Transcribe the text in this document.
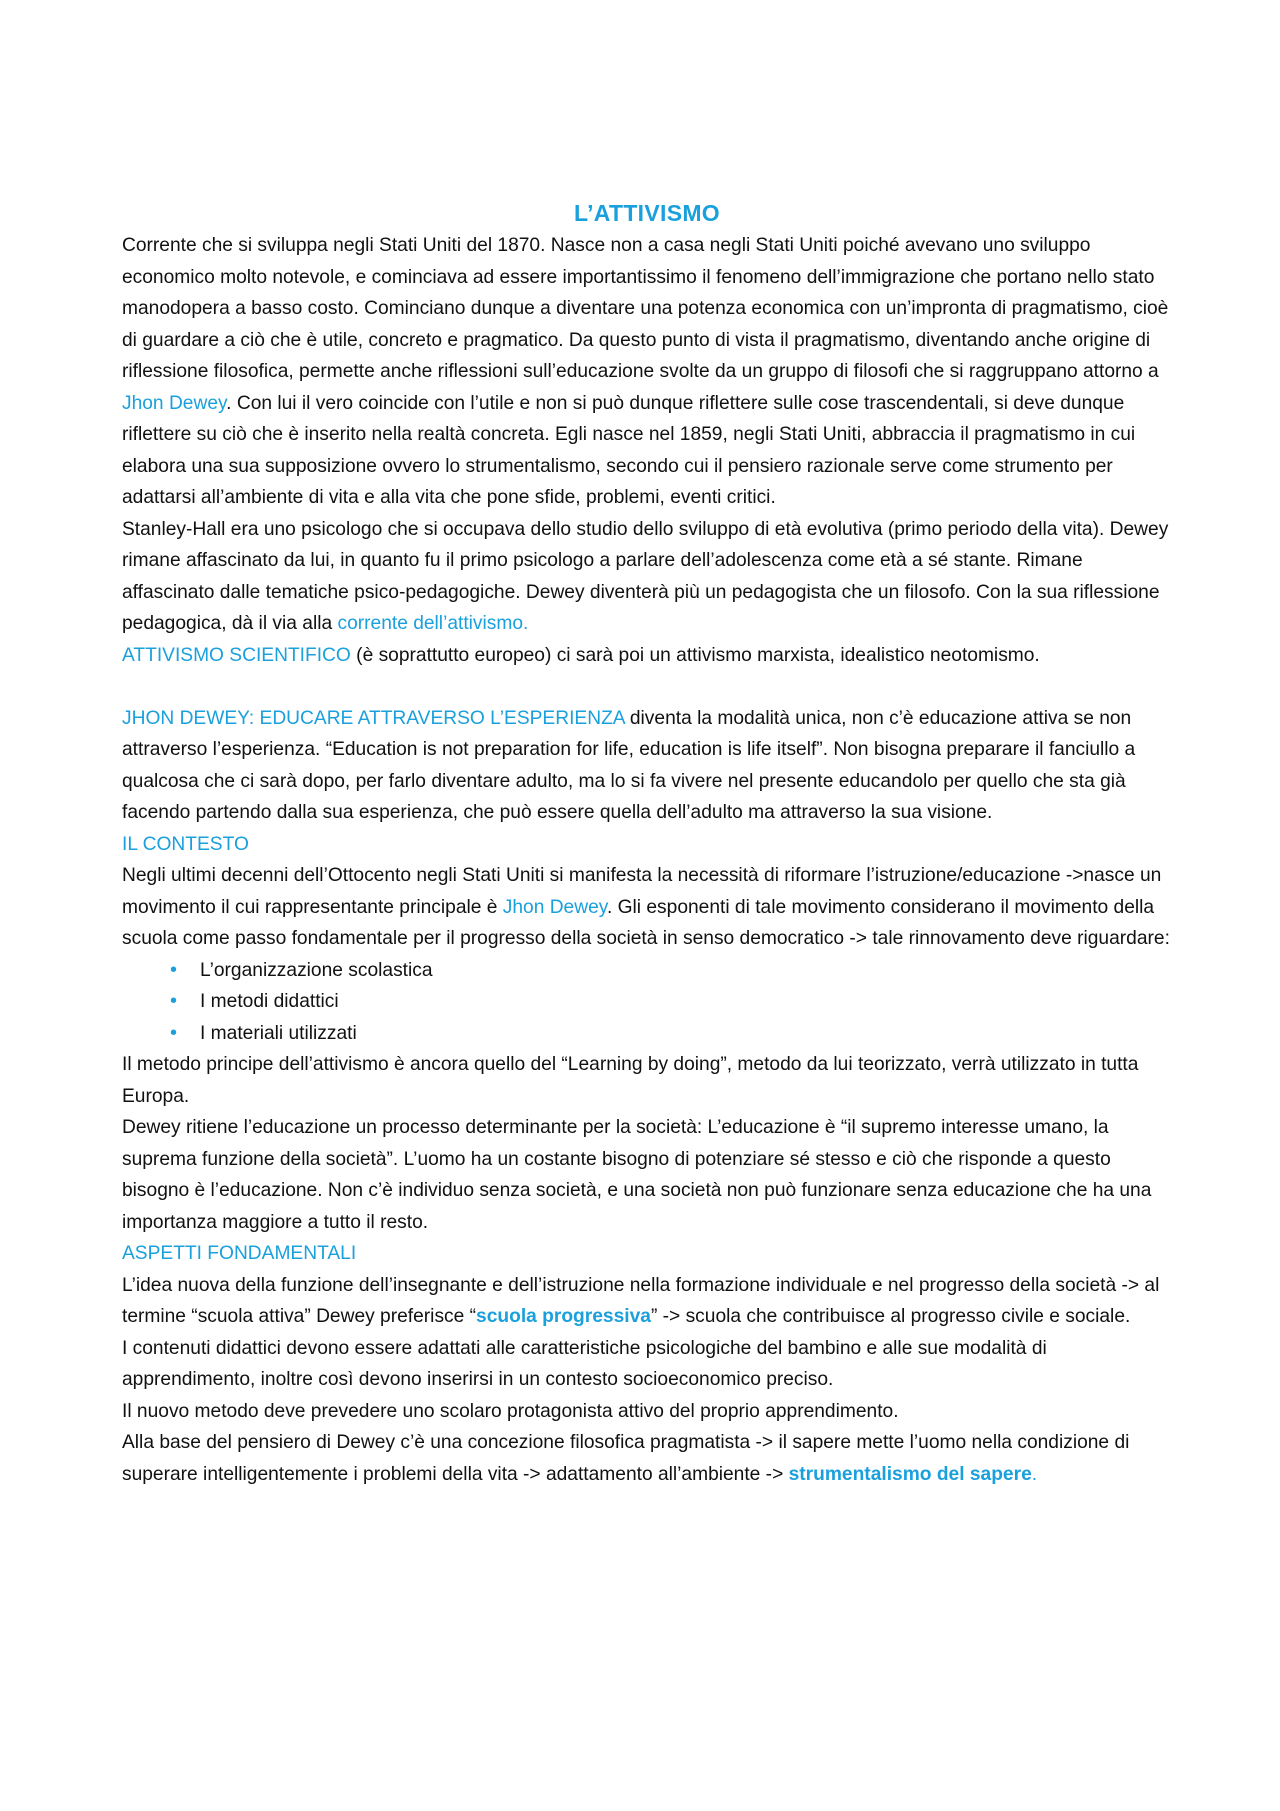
L’ATTIVISMO

Corrente che si sviluppa negli Stati Uniti del 1870. Nasce non a casa negli Stati Uniti poiché avevano uno sviluppo economico molto notevole, e cominciava ad essere importantissimo il fenomeno dell’immigrazione che portano nello stato manodopera a basso costo. Cominciano dunque a diventare una potenza economica con un’impronta di pragmatismo, cioè di guardare a ciò che è utile, concreto e pragmatico. Da questo punto di vista il pragmatismo, diventando anche origine di riflessione filosofica, permette anche riflessioni sull’educazione svolte da un gruppo di filosofi che si raggruppano attorno a Jhon Dewey. Con lui il vero coincide con l’utile e non si può dunque riflettere sulle cose trascendentali, si deve dunque riflettere su ciò che è inserito nella realtà concreta. Egli nasce nel 1859, negli Stati Uniti, abbraccia il pragmatismo in cui elabora una sua supposizione ovvero lo strumentalismo, secondo cui il pensiero razionale serve come strumento per adattarsi all’ambiente di vita e alla vita che pone sfide, problemi, eventi critici.

Stanley-Hall era uno psicologo che si occupava dello studio dello sviluppo di età evolutiva (primo periodo della vita). Dewey rimane affascinato da lui, in quanto fu il primo psicologo a parlare dell’adolescenza come età a sé stante. Rimane affascinato dalle tematiche psico-pedagogiche. Dewey diventerà più un pedagogista che un filosofo. Con la sua riflessione pedagogica, dà il via alla corrente dell’attivismo.

ATTIVISMO SCIENTIFICO (è soprattutto europeo) ci sarà poi un attivismo marxista, idealistico neotomismo.

JHON DEWEY: EDUCARE ATTRAVERSO L’ESPERIENZA diventa la modalità unica, non c’è educazione attiva se non attraverso l’esperienza. “Education is not preparation for life, education is life itself”. Non bisogna preparare il fanciullo a qualcosa che ci sarà dopo, per farlo diventare adulto, ma lo si fa vivere nel presente educandolo per quello che sta già facendo partendo dalla sua esperienza, che può essere quella dell’adulto ma attraverso la sua visione.

IL CONTESTO

Negli ultimi decenni dell’Ottocento negli Stati Uniti si manifesta la necessità di riformare l’istruzione/educazione ->nasce un movimento il cui rappresentante principale è Jhon Dewey. Gli esponenti di tale movimento considerano il movimento della scuola come passo fondamentale per il progresso della società in senso democratico -> tale rinnovamento deve riguardare:

• L’organizzazione scolastica
• I metodi didattici
• I materiali utilizzati

Il metodo principe dell’attivismo è ancora quello del “Learning by doing”, metodo da lui teorizzato, verrà utilizzato in tutta Europa.

Dewey ritiene l’educazione un processo determinante per la società: L’educazione è “il supremo interesse umano, la suprema funzione della società”. L’uomo ha un costante bisogno di potenziare sé stesso e ciò che risponde a questo bisogno è l’educazione. Non c’è individuo senza società, e una società non può funzionare senza educazione che ha una importanza maggiore a tutto il resto.

ASPETTI FONDAMENTALI

L’idea nuova della funzione dell’insegnante e dell’istruzione nella formazione individuale e nel progresso della società -> al termine “scuola attiva” Dewey preferisce “scuola progressiva” -> scuola che contribuisce al progresso civile e sociale.

I contenuti didattici devono essere adattati alle caratteristiche psicologiche del bambino e alle sue modalità di apprendimento, inoltre così devono inserirsi in un contesto socioeconomico preciso.

Il nuovo metodo deve prevedere uno scolaro protagonista attivo del proprio apprendimento.

Alla base del pensiero di Dewey c’è una concezione filosofica pragmatista -> il sapere mette l’uomo nella condizione di superare intelligentemente i problemi della vita -> adattamento all’ambiente -> strumentalismo del sapere.
